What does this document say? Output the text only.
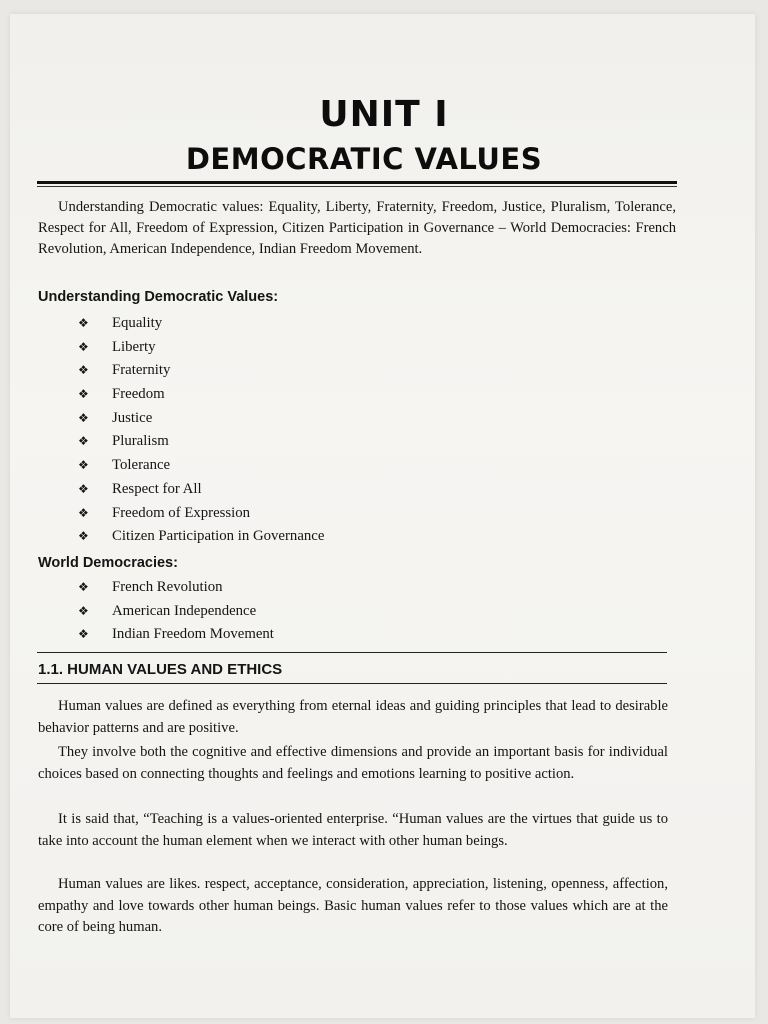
UNIT I
DEMOCRATIC VALUES

Understanding Democratic values: Equality, Liberty, Fraternity, Freedom, Justice, Pluralism, Tolerance, Respect for All, Freedom of Expression, Citizen Participation in Governance – World Democracies: French Revolution, American Independence, Indian Freedom Movement.

Understanding Democratic Values:
❖	Equality
❖	Liberty
❖	Fraternity
❖	Freedom
❖	Justice
❖	Pluralism
❖	Tolerance
❖	Respect for All
❖	Freedom of Expression
❖	Citizen Participation in Governance
World Democracies:
❖	French Revolution
❖	American Independence
❖	Indian Freedom Movement
1.1. HUMAN VALUES AND ETHICS

Human values are defined as everything from eternal ideas and guiding principles that lead to desirable behavior patterns and are positive.

They involve both the cognitive and effective dimensions and provide an important basis for individual choices based on connecting thoughts and feelings and emotions learning to positive action.

It is said that, “Teaching is a values-oriented enterprise. “Human values are the virtues that guide us to take into account the human element when we interact with other human beings.

Human values are likes. respect, acceptance, consideration, appreciation, listening, openness, affection, empathy and love towards other human beings. Basic human values refer to those values which are at the core of being human.
